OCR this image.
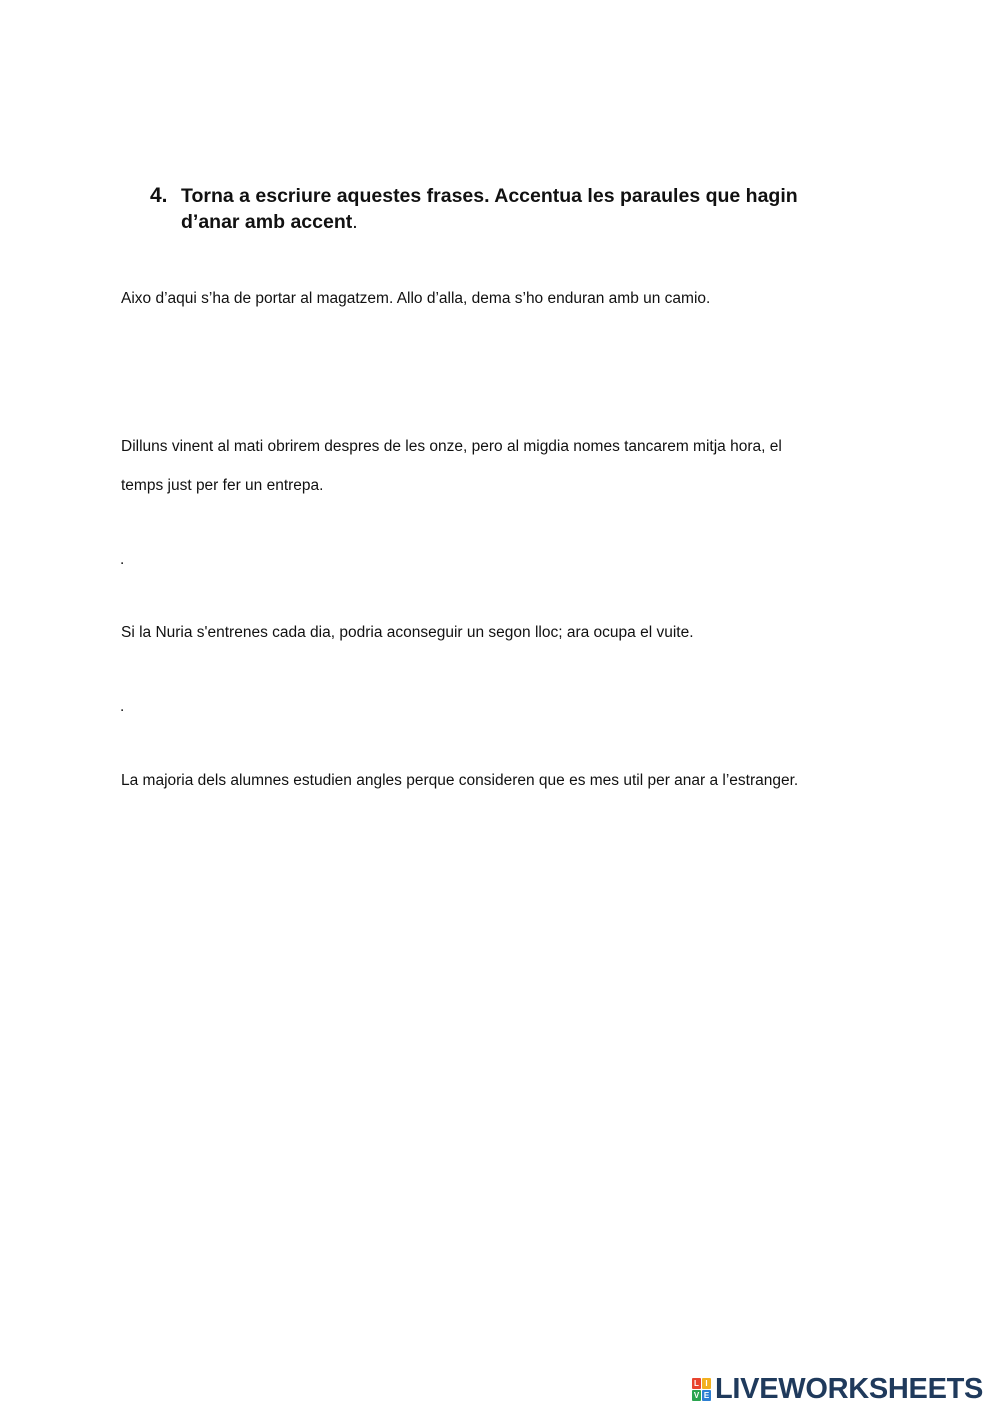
4. Torna a escriure aquestes frases. Accentua les paraules que hagin
d’anar amb accent.
Aixo d’aqui s’ha de portar al magatzem. Allo d’alla, dema s’ho enduran amb un camio.
Dilluns vinent al mati obrirem despres de les onze, pero al migdia nomes tancarem mitja hora, el
temps just per fer un entrepa.
.
Si la Nuria s'entrenes cada dia, podria aconseguir un segon lloc; ara ocupa el vuite.
.
La majoria dels alumnes estudien angles perque consideren que es mes util per anar a l’estranger.
L I
V E LIVEWORKSHEETS
